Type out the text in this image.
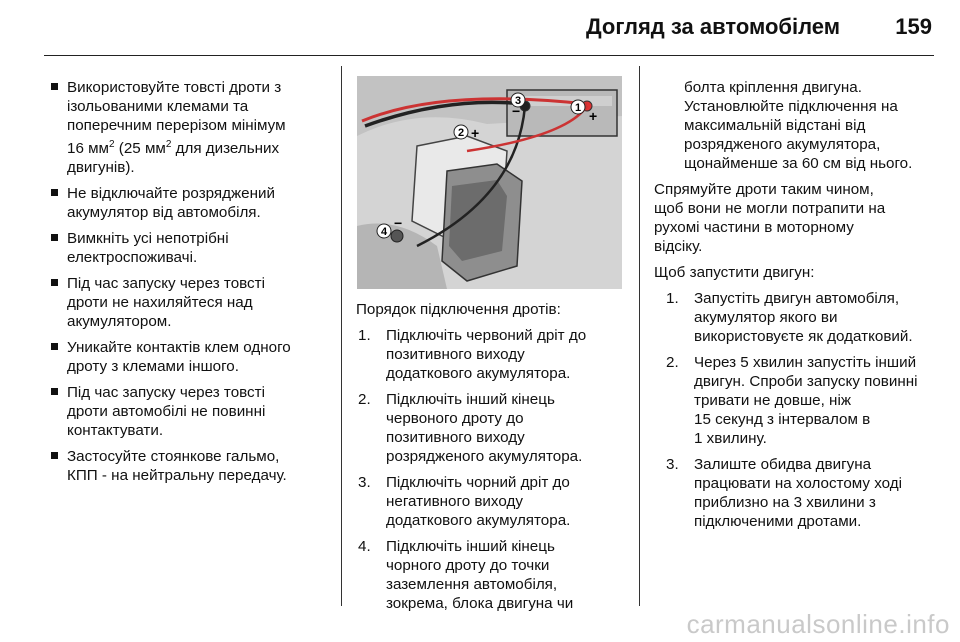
Догляд за автомобілем	159
Використовуйте товсті дроти з
ізольованими клемами та
поперечним перерізом мінімум
16 $мм^2$ (25 $мм^2$ для дизельних
двигунів).
Не відключайте розряджений
акумулятор від автомобіля.
Вимкніть усі непотрібні
електроспоживачі.
Під час запуску через товсті
дроти не нахиляйтеся над
акумулятором.
Уникайте контактів клем одного
дроту з клемами іншого.
Під час запуску через товсті
дроти автомобілі не повинні
контактувати.
Застосуйте стоянкове гальмо,
КПП - на нейтральну передачу.
1 +
2 +
3
−
4
−

Порядок підключення дротів:

1. Підключіть червоний дріт до
позитивного виходу
додаткового акумулятора.
2. Підключіть інший кінець
червоного дроту до
позитивного виходу
розрядженого акумулятора.
3. Підключіть чорний дріт до
негативного виходу
додаткового акумулятора.
4. Підключіть інший кінець
чорного дроту до точки
заземлення автомобіля,
зокрема, блока двигуна чи
болта кріплення двигуна.
Установлюйте підключення на
максимальній відстані від
розрядженого акумулятора,
щонайменше за 60 см від нього.

Спрямуйте дроти таким чином,
щоб вони не могли потрапити на
рухомі частини в моторному
відсіку.

Щоб запустити двигун:

1. Запустіть двигун автомобіля,
акумулятор якого ви
використовуєте як додатковий.
2. Через 5 хвилин запустіть інший
двигун. Спроби запуску повинні
тривати не довше, ніж
15 секунд з інтервалом в
1 хвилину.
3. Залиште обидва двигуна
працювати на холостому ході
приблизно на 3 хвилини з
підключеними дротами.
carmanualsonline.info
